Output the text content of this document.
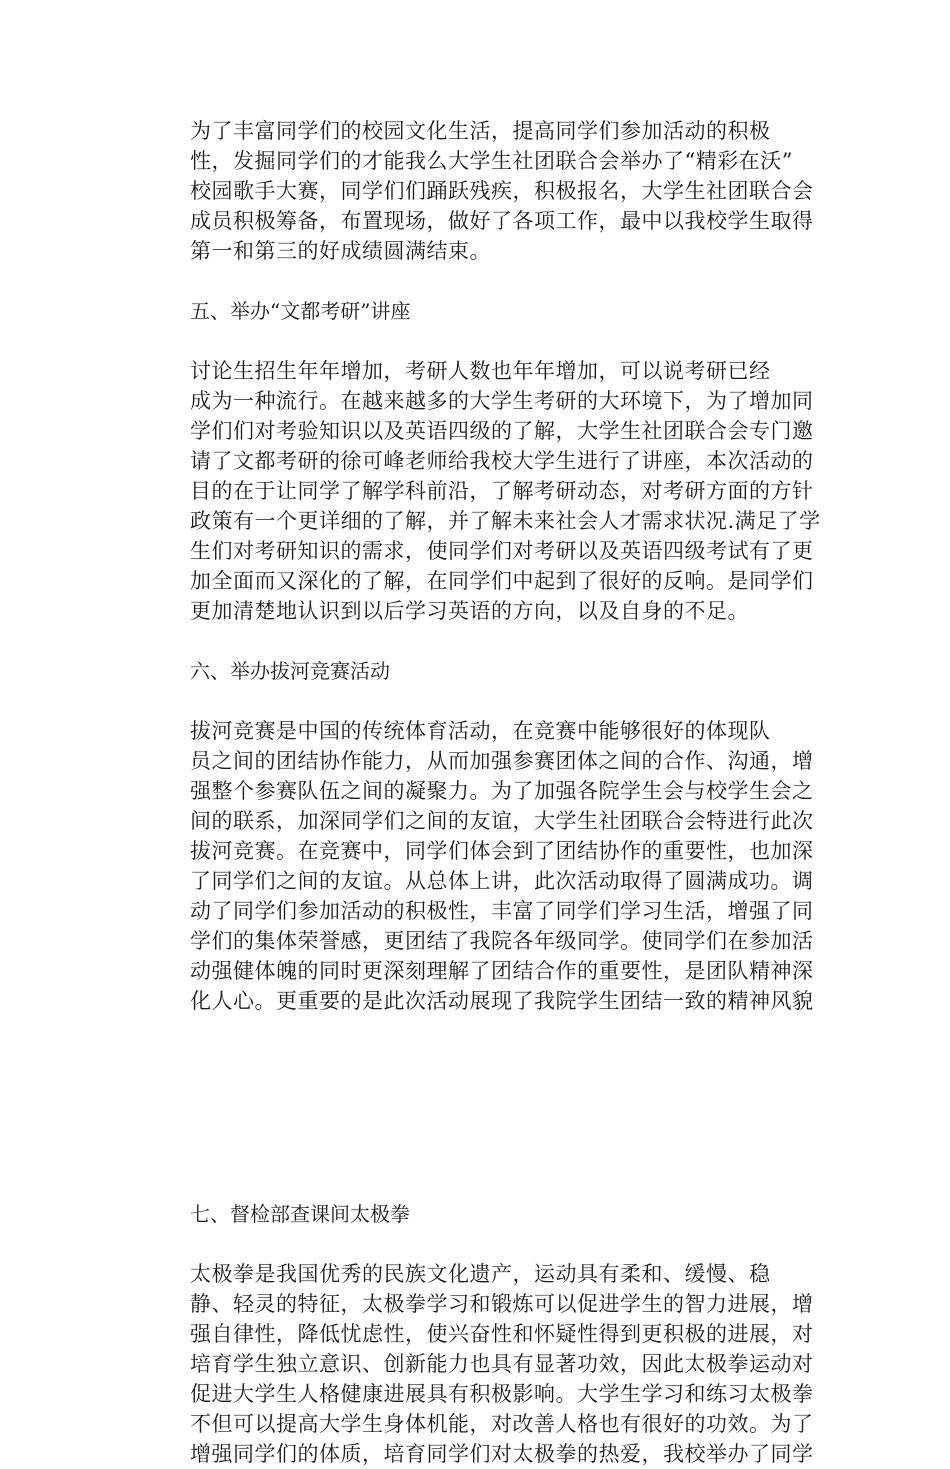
为了丰富同学们的校园文化生活，提高同学们参加活动的积极
性，发掘同学们的才能我么大学生社团联合会举办了“精彩在沃”
校园歌手大赛，同学们们踊跃残疾，积极报名，大学生社团联合会
成员积极筹备，布置现场，做好了各项工作，最中以我校学生取得
第一和第三的好成绩圆满结束。

五、举办“文都考研”讲座

讨论生招生年年增加，考研人数也年年增加，可以说考研已经
成为一种流行。在越来越多的大学生考研的大环境下，为了增加同
学们们对考验知识以及英语四级的了解，大学生社团联合会专门邀
请了文都考研的徐可峰老师给我校大学生进行了讲座，本次活动的
目的在于让同学了解学科前沿，了解考研动态，对考研方面的方针
政策有一个更详细的了解，并了解未来社会人才需求状况.满足了学
生们对考研知识的需求，使同学们对考研以及英语四级考试有了更
加全面而又深化的了解，在同学们中起到了很好的反响。是同学们
更加清楚地认识到以后学习英语的方向，以及自身的不足。

六、举办拔河竞赛活动

拔河竞赛是中国的传统体育活动，在竞赛中能够很好的体现队
员之间的团结协作能力，从而加强参赛团体之间的合作、沟通，增
强整个参赛队伍之间的凝聚力。为了加强各院学生会与校学生会之
间的联系，加深同学们之间的友谊，大学生社团联合会特进行此次
拔河竞赛。在竞赛中，同学们体会到了团结协作的重要性，也加深
了同学们之间的友谊。从总体上讲，此次活动取得了圆满成功。调
动了同学们参加活动的积极性，丰富了同学们学习生活，增强了同
学们的集体荣誉感，更团结了我院各年级同学。使同学们在参加活
动强健体魄的同时更深刻理解了团结合作的重要性，是团队精神深
化人心。更重要的是此次活动展现了我院学生团结一致的精神风貌

七、督检部查课间太极拳

太极拳是我国优秀的民族文化遗产，运动具有柔和、缓慢、稳
静、轻灵的特征，太极拳学习和锻炼可以促进学生的智力进展，增
强自律性，降低忧虑性，使兴奋性和怀疑性得到更积极的进展，对
培育学生独立意识、创新能力也具有显著功效，因此太极拳运动对
促进大学生人格健康进展具有积极影响。大学生学习和练习太极拳
不但可以提高大学生身体机能，对改善人格也有很好的功效。为了
增强同学们的体质，培育同学们对太极拳的热爱，我校举办了同学
